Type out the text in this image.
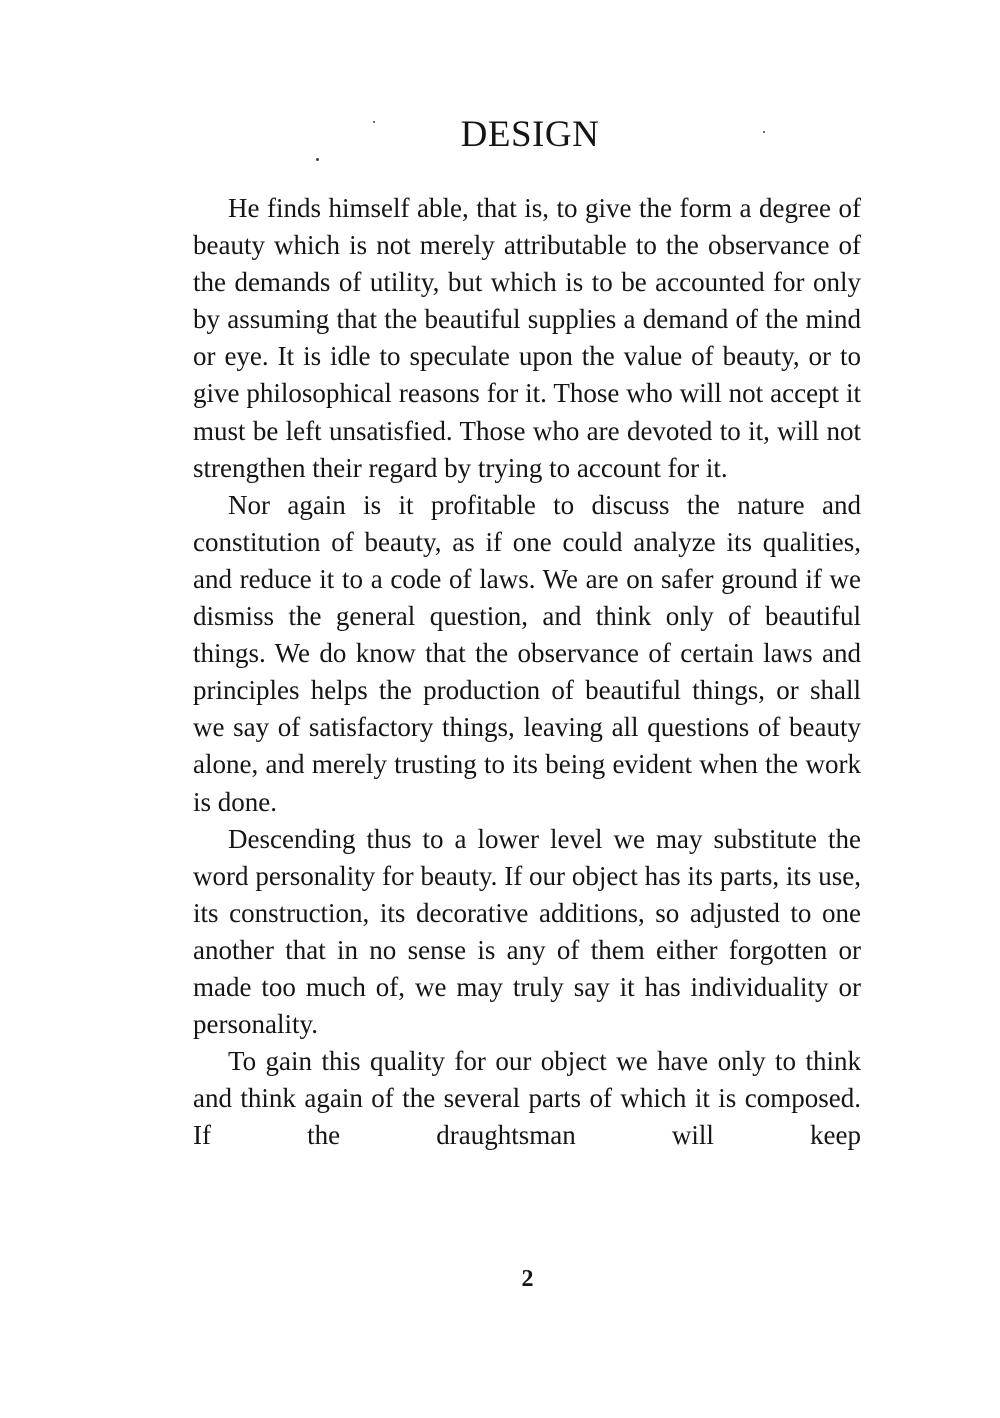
DESIGN

He finds himself able, that is, to give the form a degree of beauty which is not merely attributable to the observance of the demands of utility, but which is to be accounted for only by assuming that the beautiful supplies a demand of the mind or eye. It is idle to speculate upon the value of beauty, or to give philosophical reasons for it. Those who will not accept it must be left unsatisfied. Those who are devoted to it, will not strengthen their regard by trying to account for it.

Nor again is it profitable to discuss the nature and constitution of beauty, as if one could analyze its qualities, and reduce it to a code of laws. We are on safer ground if we dismiss the general question, and think only of beautiful things. We do know that the observance of certain laws and principles helps the production of beautiful things, or shall we say of satisfactory things, leaving all questions of beauty alone, and merely trusting to its being evident when the work is done.

Descending thus to a lower level we may substitute the word personality for beauty. If our object has its parts, its use, its construction, its decorative additions, so adjusted to one another that in no sense is any of them either forgotten or made too much of, we may truly say it has individuality or personality.

To gain this quality for our object we have only to think and think again of the several parts of which it is composed. If the draughtsman will keep

2
